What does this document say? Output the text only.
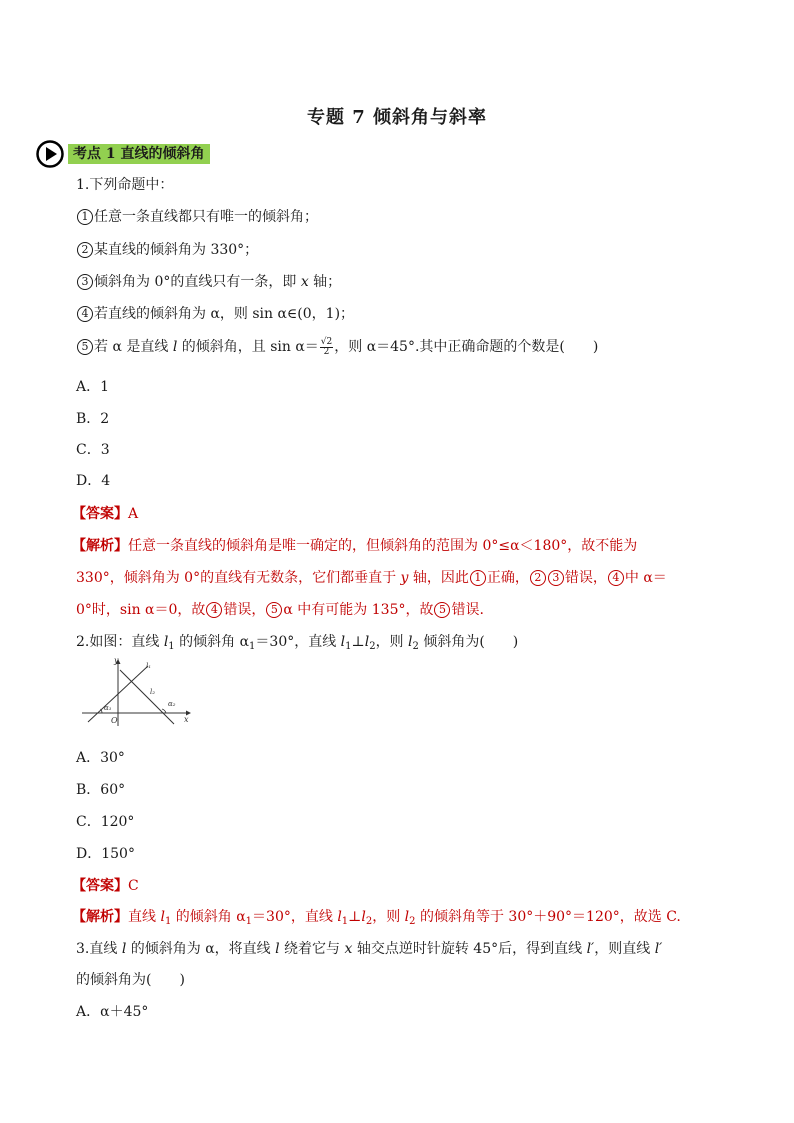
专题 7 倾斜角与斜率
考点 1 直线的倾斜角
1.下列命题中：
1 任意一条直线都只有唯一的倾斜角；
2 某直线的倾斜角为 330°；
3 倾斜角为 0°的直线只有一条，即 x 轴；
4 若直线的倾斜角为 α，则 sin α∈(0，1)；
5 若 α 是直线 l 的倾斜角，且 $\sin \alpha= \frac{√2}{2}$ ，则 α＝45°.其中正确命题的个数是(　　)
A．1
B．2
C．3
D．4
【答案】A
【解析】任意一条直线的倾斜角是唯一确定的，但倾斜角的范围为 0°≤α＜180°，故不能为
330°，倾斜角为 0°的直线有无数条，它们都垂直于 y 轴，因此 1 正确， 2 3 错误， 4 中 α＝
0°时，sin α＝0，故 4 错误， 5 α 中有可能为 135°，故 5 错误.
2.如图：直线 $l_1$ 的倾斜角 $\alpha_1=30^\circ$，直线 $l_1\perp l_2$，则 $l_2$ 倾斜角为(　　)
y
x
O
l₁
l₂
α₁	α₂
A．30°
B．60°
C．120°
D．150°
【答案】C
【解析】直线 $l_1$ 的倾斜角 $\alpha_1=30^\circ$，直线 $l_1\perp l_2$，则 $l_2$ 的倾斜角等于 30°＋90°＝120°，故选 C.
3.直线 l 的倾斜角为 α，将直线 l 绕着它与 x 轴交点逆时针旋转 45°后，得到直线 l′，则直线 l′
的倾斜角为(　　)
A．α＋45°
